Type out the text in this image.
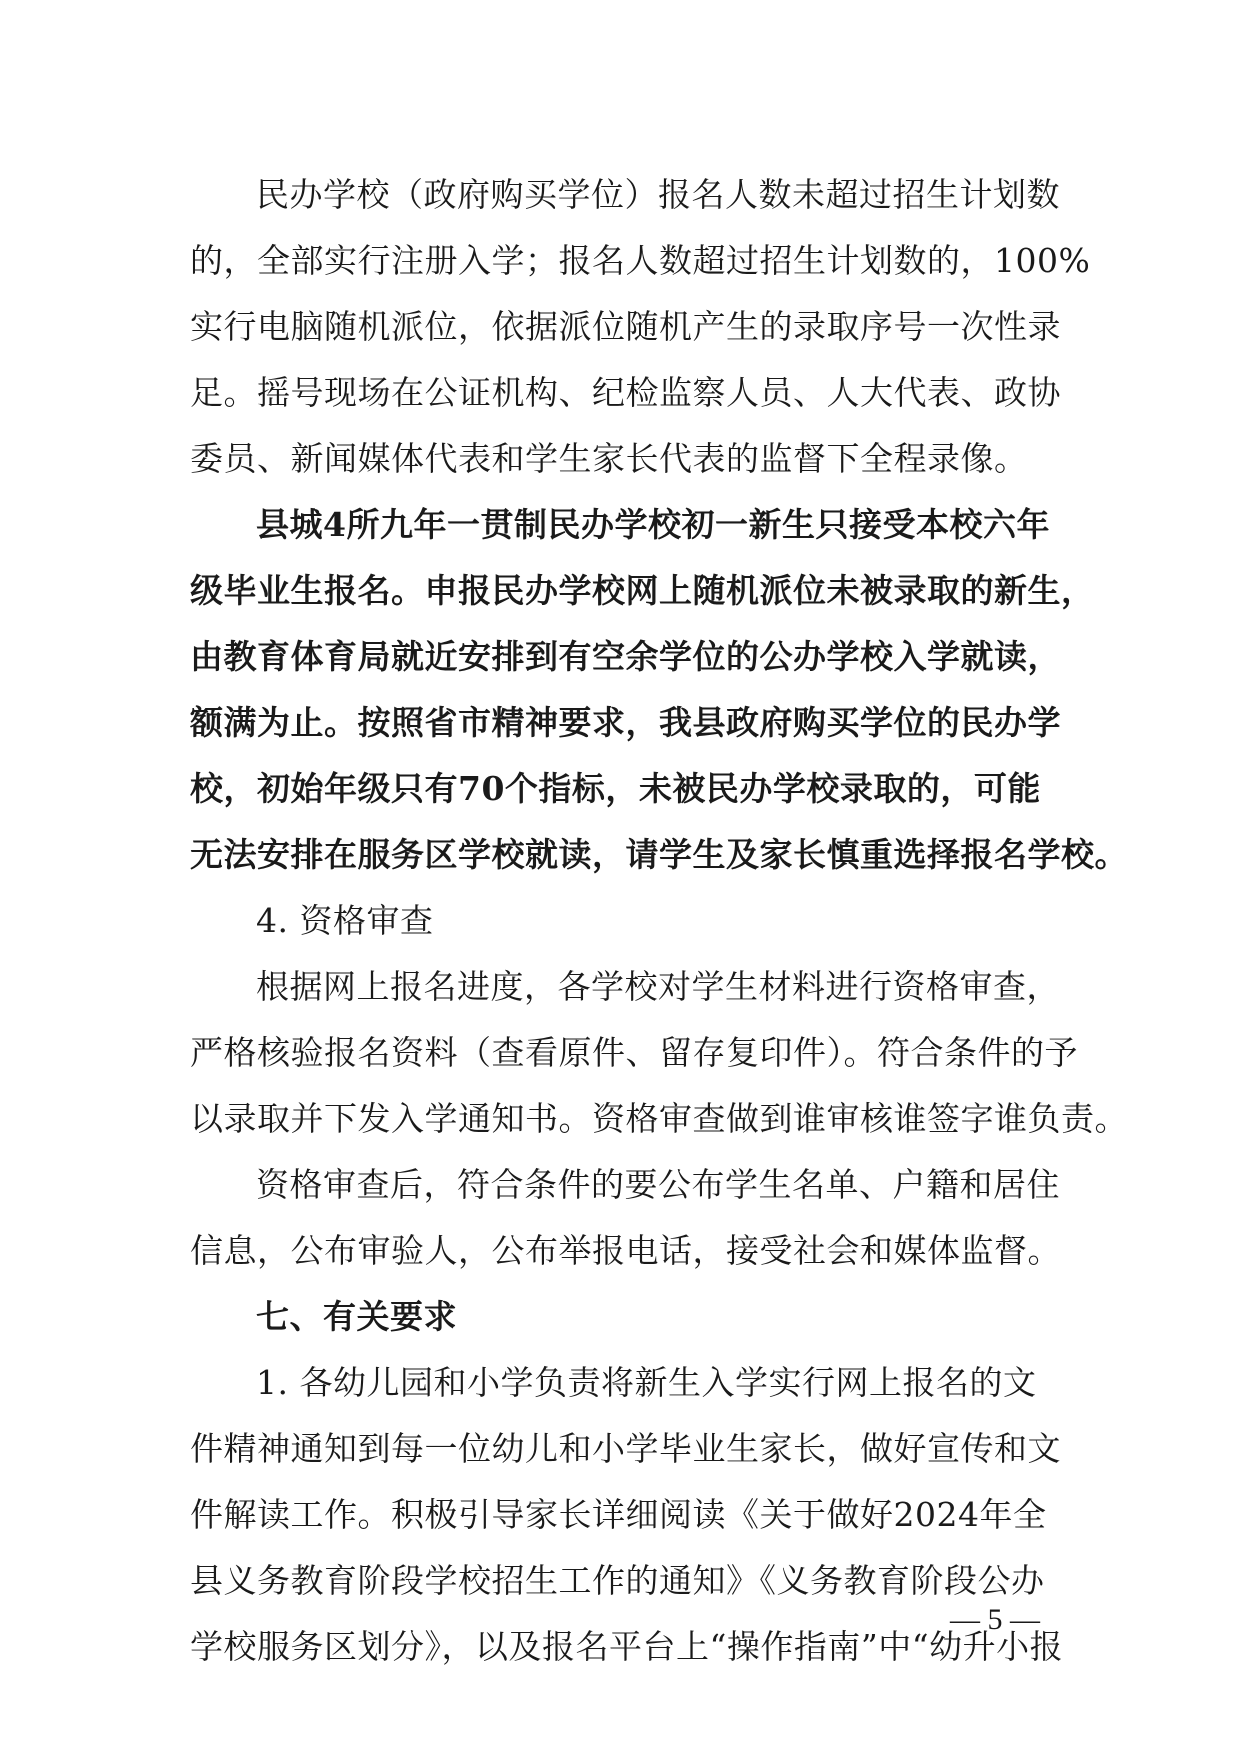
民办学校（政府购买学位）报名人数未超过招生计划数
的，全部实行注册入学；报名人数超过招生计划数的，100%
实行电脑随机派位，依据派位随机产生的录取序号一次性录
足。摇号现场在公证机构、纪检监察人员、人大代表、政协
委员、新闻媒体代表和学生家长代表的监督下全程录像。
县城4所九年一贯制民办学校初一新生只接受本校六年
级毕业生报名。申报民办学校网上随机派位未被录取的新生，
由教育体育局就近安排到有空余学位的公办学校入学就读，
额满为止。按照省市精神要求，我县政府购买学位的民办学
校，初始年级只有70个指标，未被民办学校录取的，可能
无法安排在服务区学校就读，请学生及家长慎重选择报名学校。
4. 资格审查
根据网上报名进度，各学校对学生材料进行资格审查，
严格核验报名资料（查看原件、留存复印件）。符合条件的予
以录取并下发入学通知书。资格审查做到谁审核谁签字谁负责。
资格审查后，符合条件的要公布学生名单、户籍和居住
信息，公布审验人，公布举报电话，接受社会和媒体监督。
七、有关要求
1. 各幼儿园和小学负责将新生入学实行网上报名的文
件精神通知到每一位幼儿和小学毕业生家长，做好宣传和文
件解读工作。积极引导家长详细阅读《关于做好2024年全
县义务教育阶段学校招生工作的通知》《义务教育阶段公办
学校服务区划分》，以及报名平台上“操作指南”中“幼升小报
— 5 —
